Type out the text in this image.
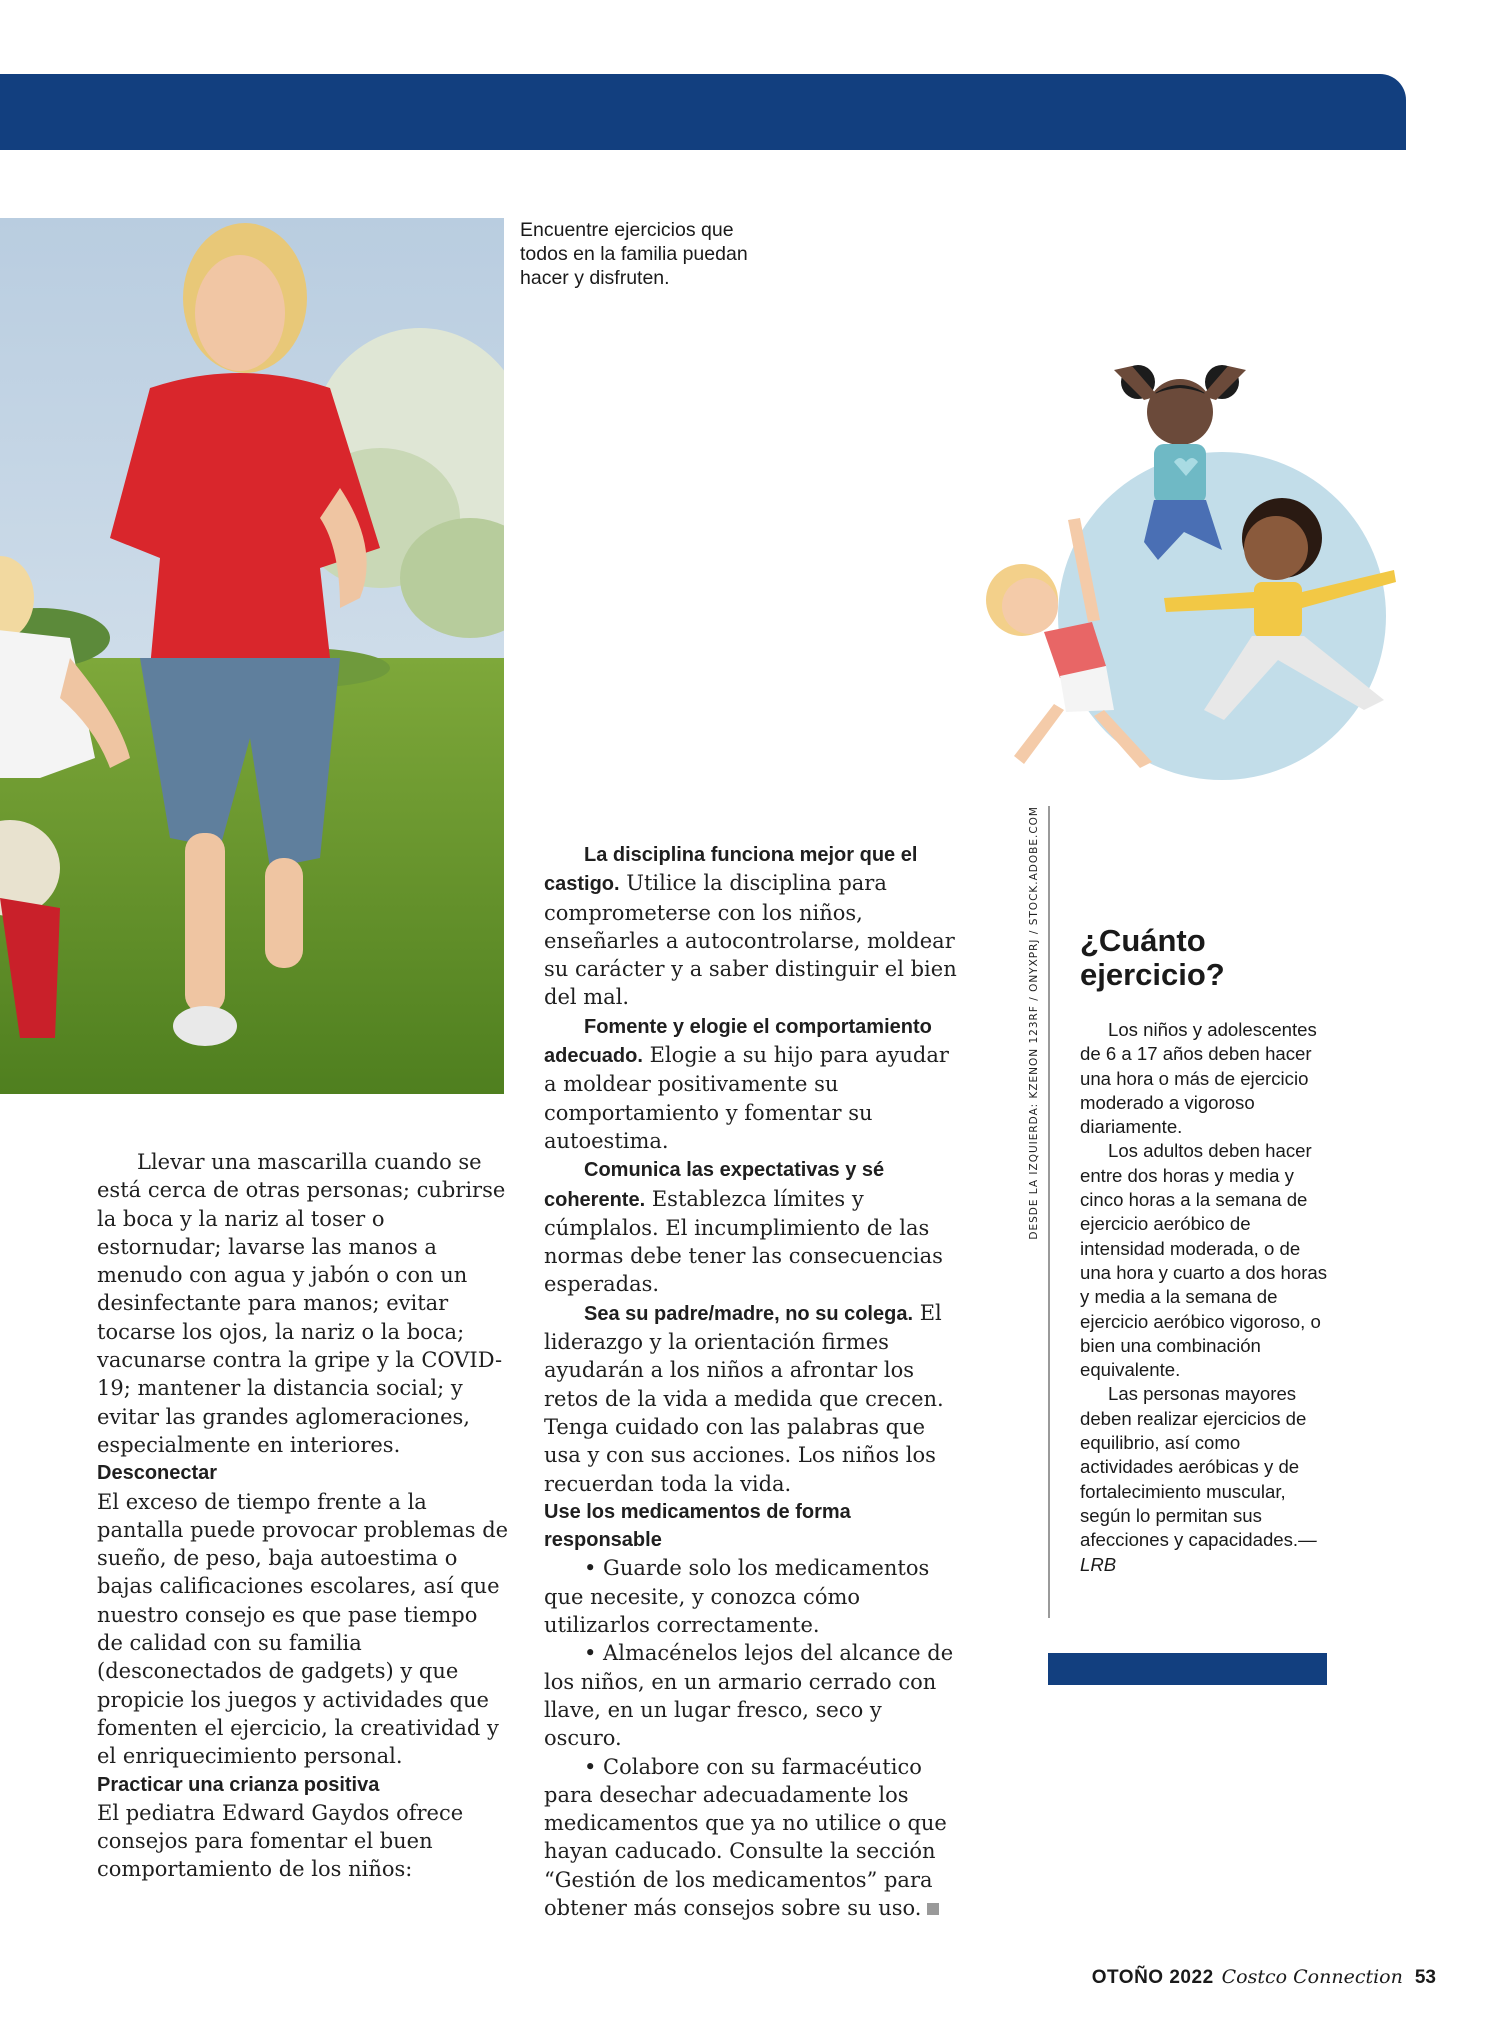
Encuentre ejercicios que todos en la familia puedan hacer y disfruten.
DESDE LA IZQUIERDA: KZENON 123RF / ONYXPRJ / STOCK.ADOBE.COM ¿Cuánto ejercicio?

Los niños y adolescentes de 6 a 17 años deben hacer una hora o más de ejercicio moderado a vigoroso diariamente.

Los adultos deben hacer entre dos horas y media y cinco horas a la semana de ejercicio aeróbico de intensidad moderada, o de una hora y cuarto a dos horas y media a la semana de ejercicio aeróbico vigoroso, o bien una combinación equivalente.

Las personas mayores deben realizar ejercicios de equilibrio, así como actividades aeróbicas y de fortalecimiento muscular, según lo permitan sus afecciones y capacidades.—LRB

Llevar una mascarilla cuando se está cerca de otras personas; cubrirse la boca y la nariz al toser o estornudar; lavarse las manos a menudo con agua y jabón o con un desinfectante para manos; evitar tocarse los ojos, la nariz o la boca; vacunarse contra la gripe y la COVID-19; mantener la distancia social; y evitar las grandes aglomeraciones, especialmente en interiores.

Desconectar

El exceso de tiempo frente a la pantalla puede provocar problemas de sueño, de peso, baja autoestima o bajas calificaciones escolares, así que nuestro consejo es que pase tiempo de calidad con su familia (desconectados de gadgets) y que propicie los juegos y actividades que fomenten el ejercicio, la creatividad y el enriquecimiento personal.

Practicar una crianza positiva

El pediatra Edward Gaydos ofrece consejos para fomentar el buen comportamiento de los niños:

La disciplina funciona mejor que el castigo. Utilice la disciplina para comprometerse con los niños, enseñarles a autocontrolarse, moldear su carácter y a saber distinguir el bien del mal.

Fomente y elogie el comportamiento adecuado. Elogie a su hijo para ayudar a moldear positivamente su comportamiento y fomentar su autoestima.

Comunica las expectativas y sé coherente. Establezca límites y cúmplalos. El incumplimiento de las normas debe tener las consecuencias esperadas.

Sea su padre/madre, no su colega. El liderazgo y la orientación firmes ayudarán a los niños a afrontar los retos de la vida a medida que crecen. Tenga cuidado con las palabras que usa y con sus acciones. Los niños los recuerdan toda la vida.

Use los medicamentos de forma responsable

• Guarde solo los medicamentos que necesite, y conozca cómo utilizarlos correctamente.

• Almacénelos lejos del alcance de los niños, en un armario cerrado con llave, en un lugar fresco, seco y oscuro.

• Colabore con su farmacéutico para desechar adecuadamente los medicamentos que ya no utilice o que hayan caducado. Consulte la sección “Gestión de los medicamentos” para obtener más consejos sobre su uso.

OTOÑO 2022 Costco Connection 53
